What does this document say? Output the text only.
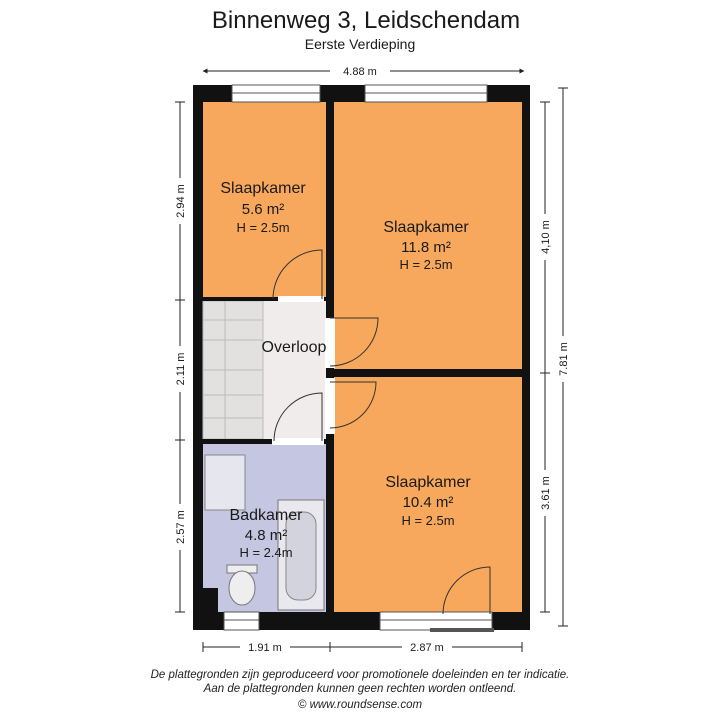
Binnenweg 3, Leidschendam
Eerste Verdieping
4.88 m
Slaapkamer
5.6 m²
H = 2.5m	Slaapkamer
11.8 m²
H = 2.5m
Overloop
Badkamer
4.8 m²
H = 2.4m
Slaapkamer
10.4 m²
H = 2.5m
2.94 m
2.11 m
2.57 m
4,10 m
3.61 m
7.81 m
1.91 m	2.87 m
De plattegronden zijn geproduceerd voor promotionele doeleinden en ter indicatie.
Aan de plattegronden kunnen geen rechten worden ontleend.
© www.roundsense.com
